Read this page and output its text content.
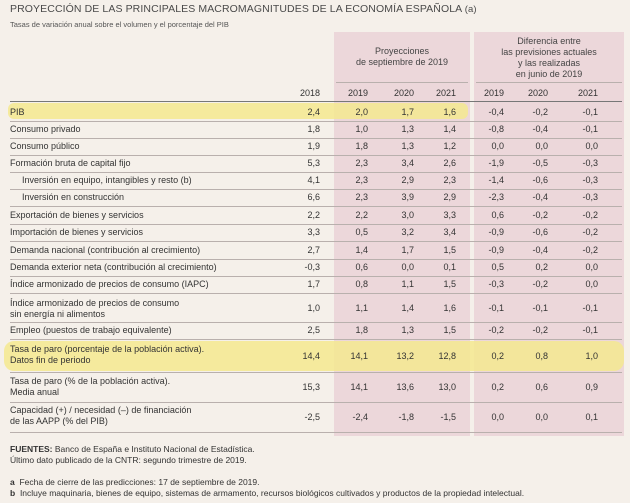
PROYECCIÓN DE LAS PRINCIPALES MACROMAGNITUDES DE LA ECONOMÍA ESPAÑOLA (a)
Tasas de variación anual sobre el volumen y el porcentaje del PIB
Proyecciones
de septiembre de 2019
Diferencia entre
las previsiones actuales
y las realizadas
en junio de 2019
2018	2019	2020	2021	2019	2020	2021
PIB	2,4	2,0	1,7	1,6	-0,4	-0,2	-0,1
Consumo privado	1,8	1,0	1,3	1,4	-0,8	-0,4	-0,1
Consumo público	1,9	1,8	1,3	1,2	0,0	0,0	0,0
Formación bruta de capital fijo	5,3	2,3	3,4	2,6	-1,9	-0,5	-0,3
Inversión en equipo, intangibles y resto (b)	4,1	2,3	2,9	2,3	-1,4	-0,6	-0,3
Inversión en construcción	6,6	2,3	3,9	2,9	-2,3	-0,4	-0,3
Exportación de bienes y servicios	2,2	2,2	3,0	3,3	0,6	-0,2	-0,2
Importación de bienes y servicios	3,3	0,5	3,2	3,4	-0,9	-0,6	-0,2
Demanda nacional (contribución al crecimiento)	2,7	1,4	1,7	1,5	-0,9	-0,4	-0,2
Demanda exterior neta (contribución al crecimiento)	-0,3	0,6	0,0	0,1	0,5	0,2	0,0
Índice armonizado de precios de consumo (IAPC)	1,7	0,8	1,1	1,5	-0,3	-0,2	0,0
Índice armonizado de precios de consumo
sin energía ni alimentos
1,0	1,1	1,4	1,6	-0,1	-0,1	-0,1
Empleo (puestos de trabajo equivalente)	2,5	1,8	1,3	1,5	-0,2	-0,2	-0,1
Tasa de paro (porcentaje de la población activa).
Datos fin de periodo	14,4	14,1	13,2	12,8	0,2	0,8	1,0
Tasa de paro (% de la población activa).
Media anual	15,3	14,1	13,6	13,0	0,2	0,6	0,9
Capacidad (+) / necesidad (–) de financiación
de las AAPP (% del PIB)	-2,5	-2,4	-1,8	-1,5	0,0	0,0	0,1
FUENTES: Banco de España e Instituto Nacional de Estadística.
Último dato publicado de la CNTR: segundo trimestre de 2019.
a Fecha de cierre de las predicciones: 17 de septiembre de 2019.
b Incluye maquinaria, bienes de equipo, sistemas de armamento, recursos biológicos cultivados y productos de la propiedad intelectual.
